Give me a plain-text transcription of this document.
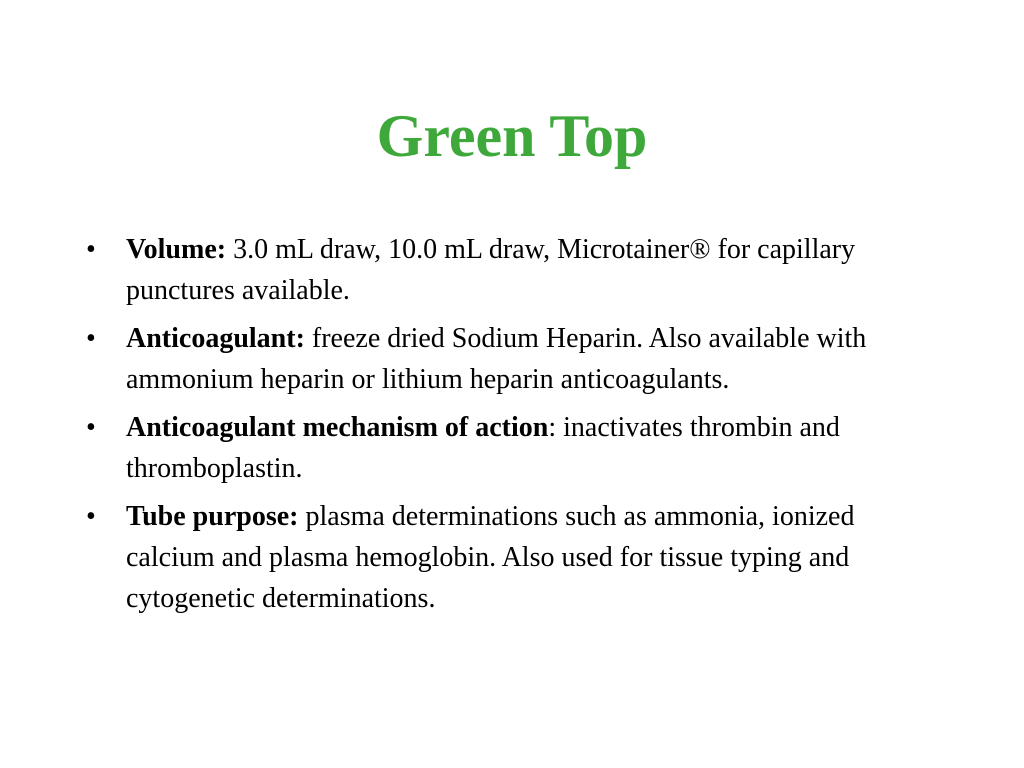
Green Top
•	Volume: 3.0 mL draw, 10.0 mL draw, Microtainer® for capillary punctures available.
•	Anticoagulant: freeze dried Sodium Heparin. Also available with ammonium heparin or lithium heparin anticoagulants.
•	Anticoagulant mechanism of action: inactivates thrombin and thromboplastin.
•	Tube purpose: plasma determinations such as ammonia, ionized calcium and plasma hemoglobin. Also used for tissue typing and cytogenetic determinations.
